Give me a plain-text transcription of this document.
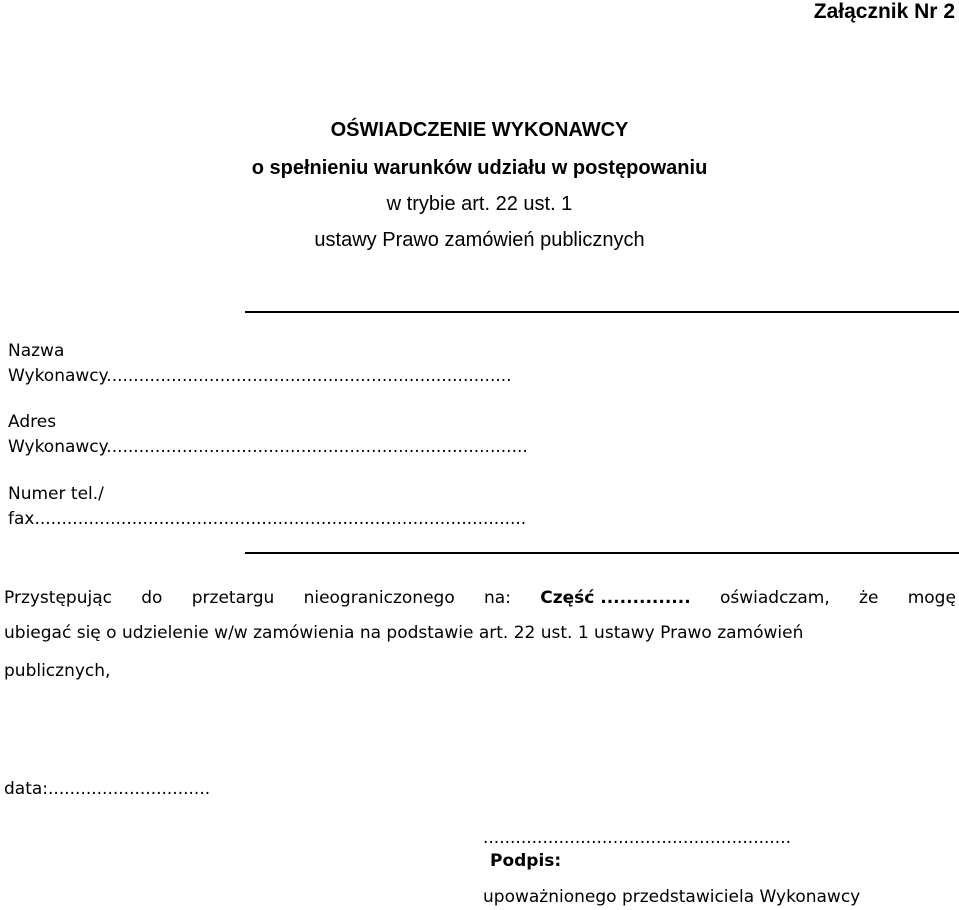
Załącznik Nr 2
OŚWIADCZENIE WYKONAWCY
o spełnieniu warunków udziału w postępowaniu
w trybie art. 22 ust. 1
ustawy Prawo zamówień publicznych
Nazwa
Wykonawcy...........................................................................
Adres
Wykonawcy..............................................................................
Numer tel./
fax...........................................................................................
Przystępując do przetargu nieograniczonego na: Część .............. oświadczam, że mogę
ubiegać się o udzielenie w/w zamówienia na podstawie art. 22 ust. 1 ustawy Prawo zamówień
publicznych,
data:..............................
.........................................................
Podpis:
upoważnionego przedstawiciela Wykonawcy
